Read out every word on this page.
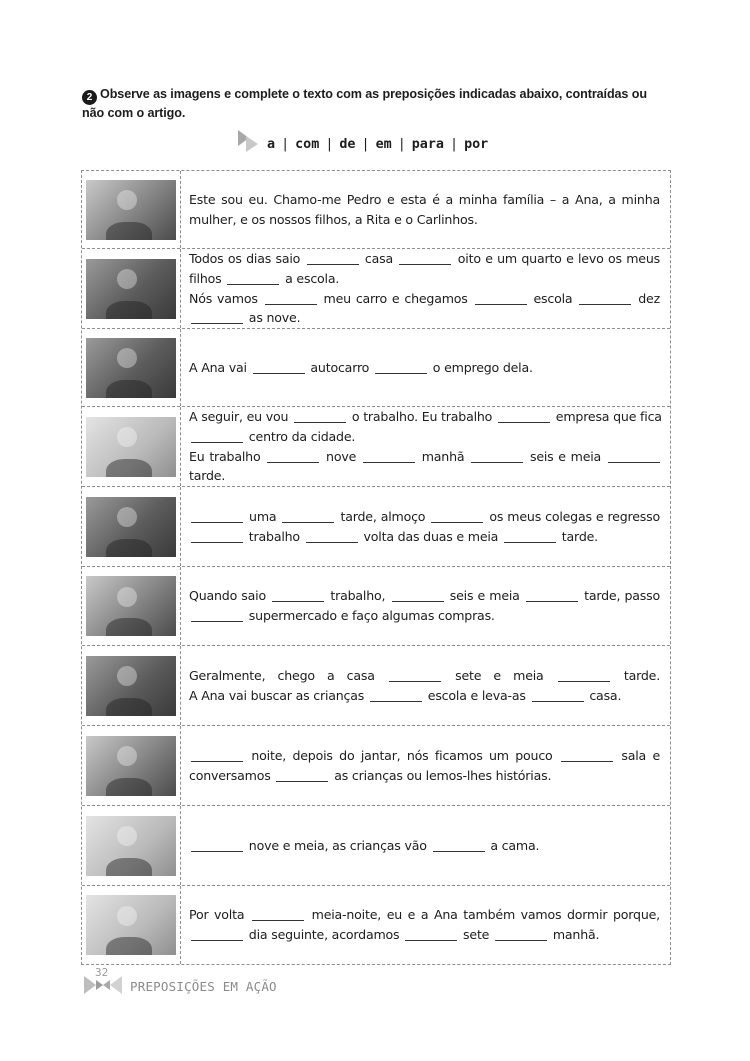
2 Observe as imagens e complete o texto com as preposições indicadas abaixo, contraídas ou não com o artigo.
a | com | de | em | para | por
Este sou eu. Chamo-me Pedro e esta é a minha família – a Ana, a minha
mulher, e os nossos filhos, a Rita e o Carlinhos.
Todos os dias saio	casa	oito e um quarto e levo os meus
filhos	a escola.
Nós vamos	meu carro e chegamos	escola	dez
as nove.
A Ana vai	autocarro	o emprego dela.
A seguir, eu vou	o trabalho. Eu trabalho	empresa que fica
centro da cidade.
Eu trabalho	nove	manhã	seis e meia
tarde.
uma	tarde, almoço	os meus colegas e regresso
trabalho	volta das duas e meia	tarde.
Quando saio	trabalho,	seis e meia	tarde, passo
supermercado e faço algumas compras.
Geralmente, chego a casa	sete e meia	tarde.
A Ana vai buscar as crianças	escola e leva-as	casa.
noite, depois do jantar, nós ficamos um pouco	sala e
conversamos	as crianças ou lemos-lhes histórias.
nove e meia, as crianças vão	a cama.
Por volta	meia-noite, eu e a Ana também vamos dormir porque,
dia seguinte, acordamos	sete	manhã.
32
PREPOSIÇÕES EM AÇÃO
